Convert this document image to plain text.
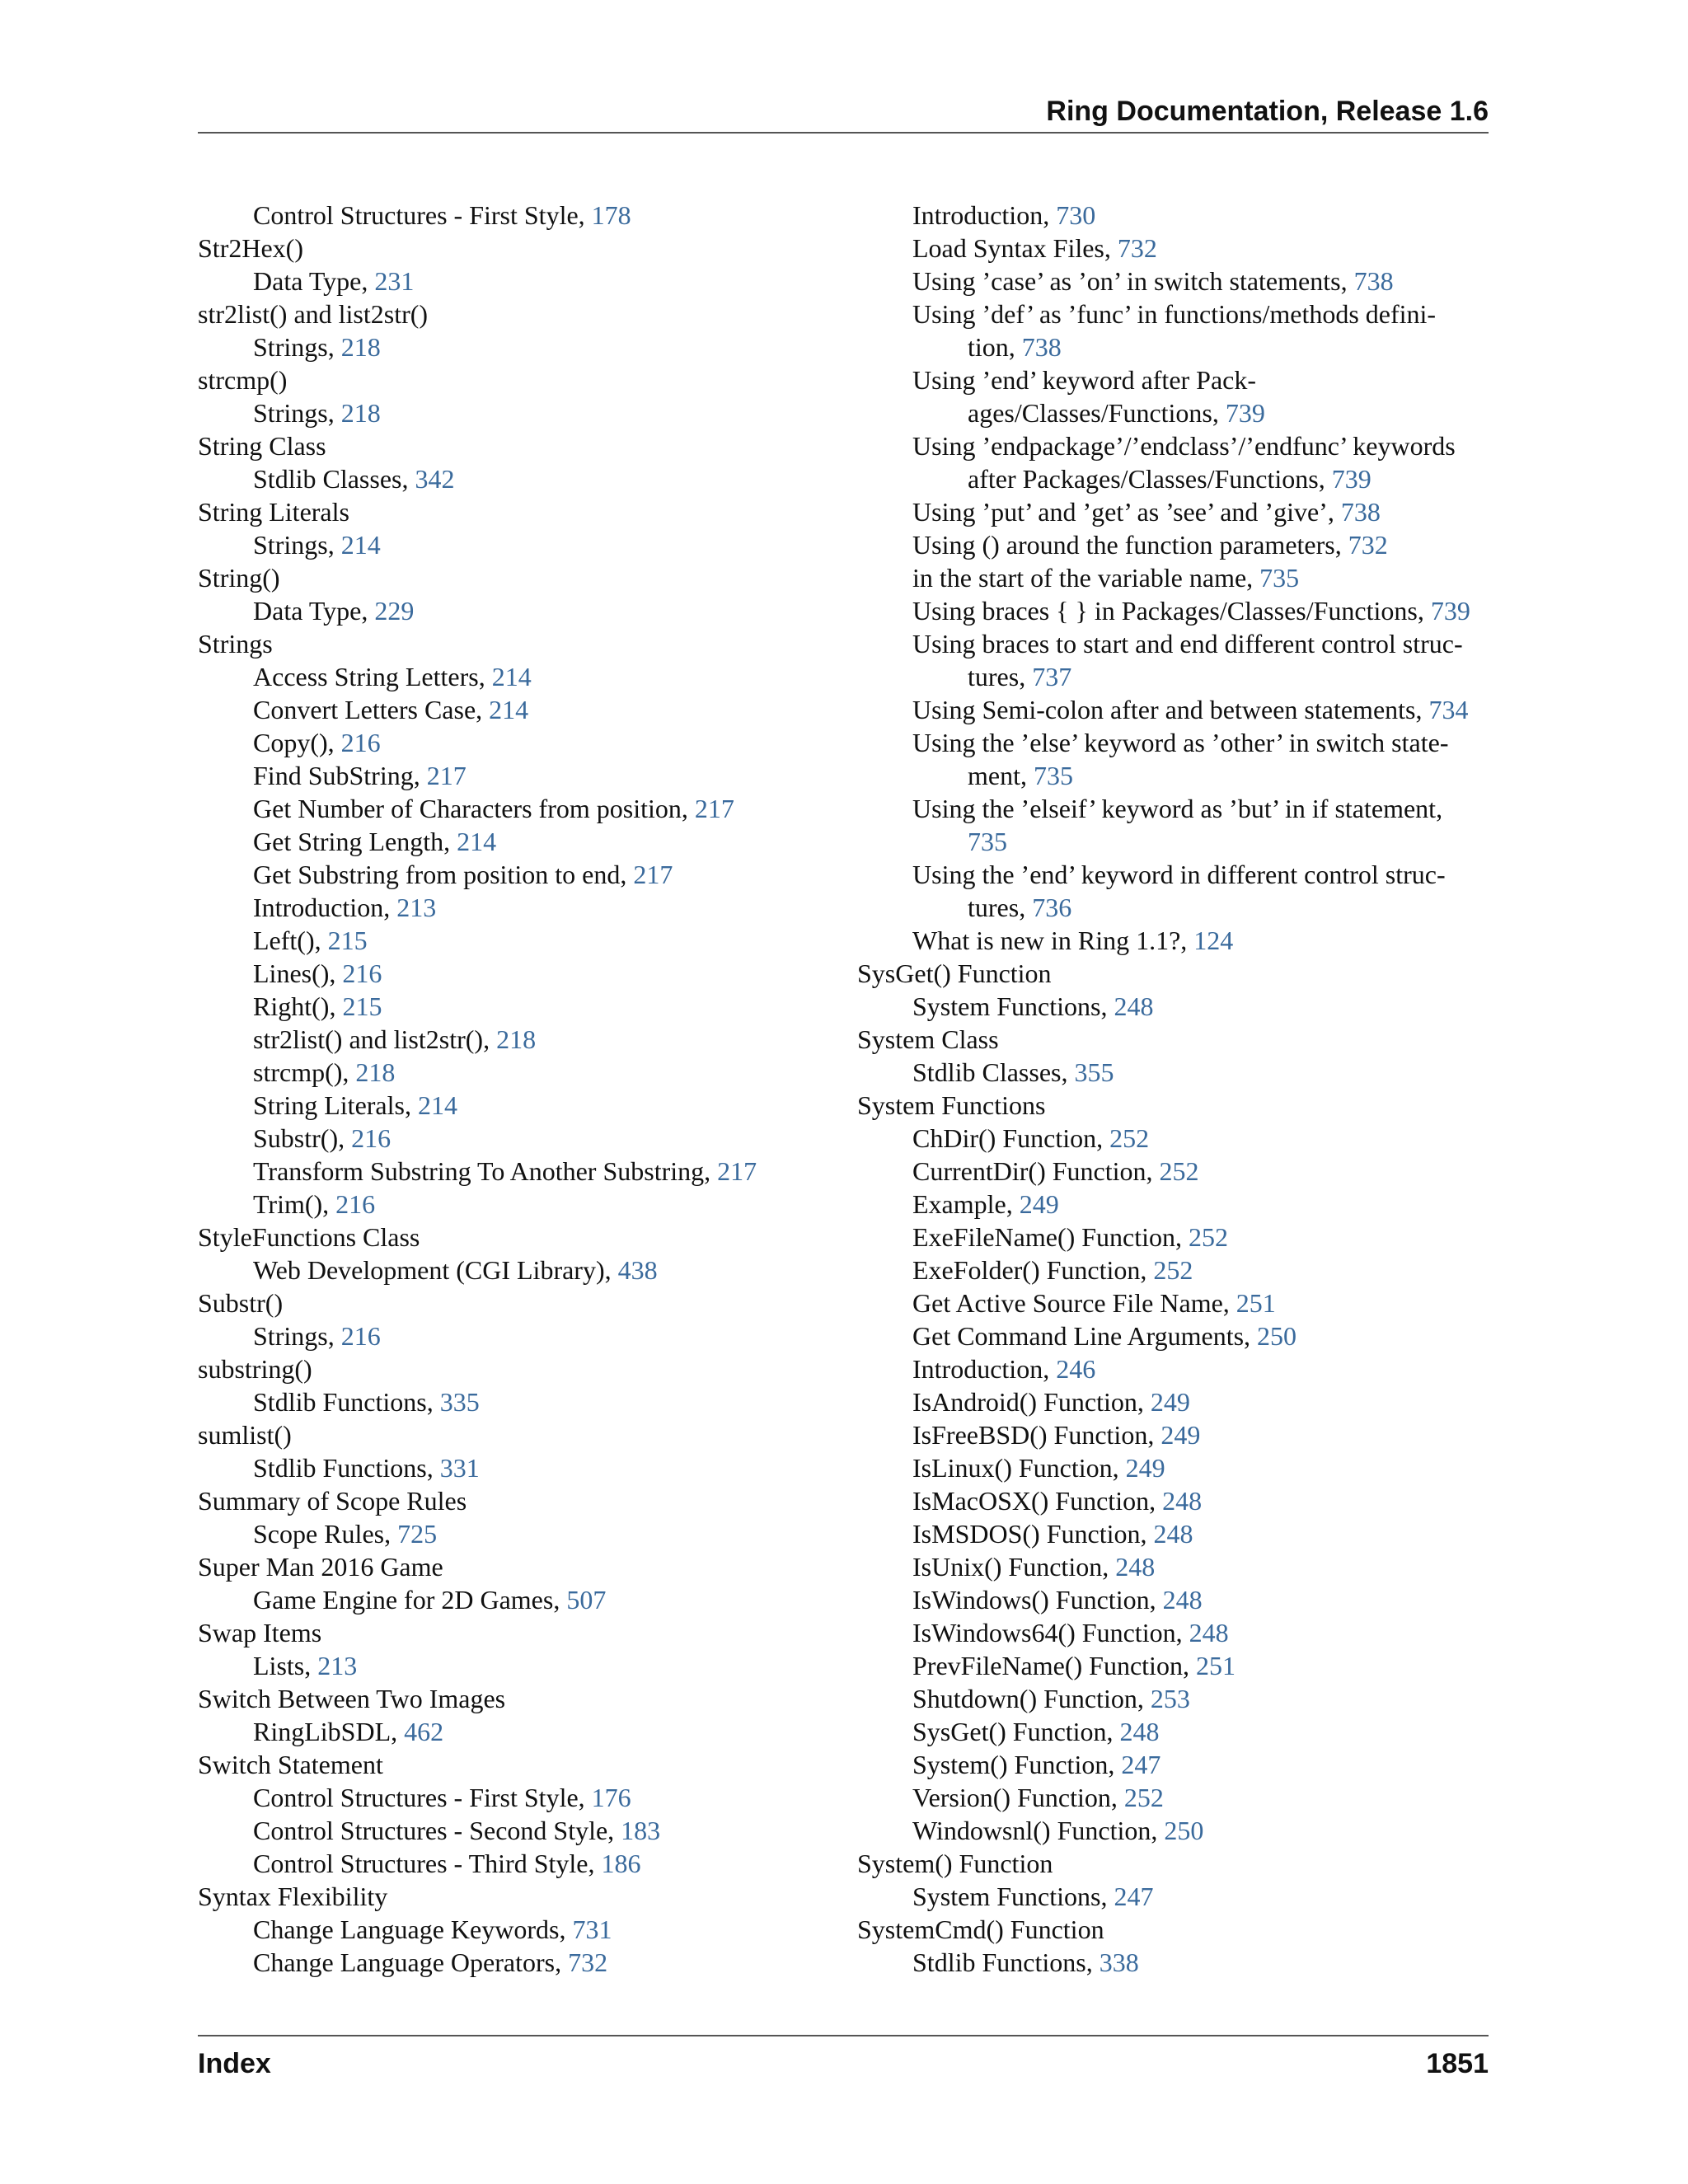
Ring Documentation, Release 1.6
Control Structures - First Style, 178
Str2Hex()
Data Type, 231
str2list() and list2str()
Strings, 218
strcmp()
Strings, 218
String Class
Stdlib Classes, 342
String Literals
Strings, 214
String()
Data Type, 229
Strings
Access String Letters, 214
Convert Letters Case, 214
Copy(), 216
Find SubString, 217
Get Number of Characters from position, 217
Get String Length, 214
Get Substring from position to end, 217
Introduction, 213
Left(), 215
Lines(), 216
Right(), 215
str2list() and list2str(), 218
strcmp(), 218
String Literals, 214
Substr(), 216
Transform Substring To Another Substring, 217
Trim(), 216
StyleFunctions Class
Web Development (CGI Library), 438
Substr()
Strings, 216
substring()
Stdlib Functions, 335
sumlist()
Stdlib Functions, 331
Summary of Scope Rules
Scope Rules, 725
Super Man 2016 Game
Game Engine for 2D Games, 507
Swap Items
Lists, 213
Switch Between Two Images
RingLibSDL, 462
Switch Statement
Control Structures - First Style, 176
Control Structures - Second Style, 183
Control Structures - Third Style, 186
Syntax Flexibility
Change Language Keywords, 731
Change Language Operators, 732
Introduction, 730
Load Syntax Files, 732
Using ’case’ as ’on’ in switch statements, 738
Using ’def’ as ’func’ in functions/methods defini-
tion, 738
Using ’end’ keyword after Pack-
ages/Classes/Functions, 739
Using ’endpackage’/’endclass’/’endfunc’ keywords
after Packages/Classes/Functions, 739
Using ’put’ and ’get’ as ’see’ and ’give’, 738
Using () around the function parameters, 732
in the start of the variable name, 735
Using braces { } in Packages/Classes/Functions, 739
Using braces to start and end different control struc-
tures, 737
Using Semi-colon after and between statements, 734
Using the ’else’ keyword as ’other’ in switch state-
ment, 735
Using the ’elseif’ keyword as ’but’ in if statement,
735
Using the ’end’ keyword in different control struc-
tures, 736
What is new in Ring 1.1?, 124
SysGet() Function
System Functions, 248
System Class
Stdlib Classes, 355
System Functions
ChDir() Function, 252
CurrentDir() Function, 252
Example, 249
ExeFileName() Function, 252
ExeFolder() Function, 252
Get Active Source File Name, 251
Get Command Line Arguments, 250
Introduction, 246
IsAndroid() Function, 249
IsFreeBSD() Function, 249
IsLinux() Function, 249
IsMacOSX() Function, 248
IsMSDOS() Function, 248
IsUnix() Function, 248
IsWindows() Function, 248
IsWindows64() Function, 248
PrevFileName() Function, 251
Shutdown() Function, 253
SysGet() Function, 248
System() Function, 247
Version() Function, 252
Windowsnl() Function, 250
System() Function
System Functions, 247
SystemCmd() Function
Stdlib Functions, 338
Index	1851
